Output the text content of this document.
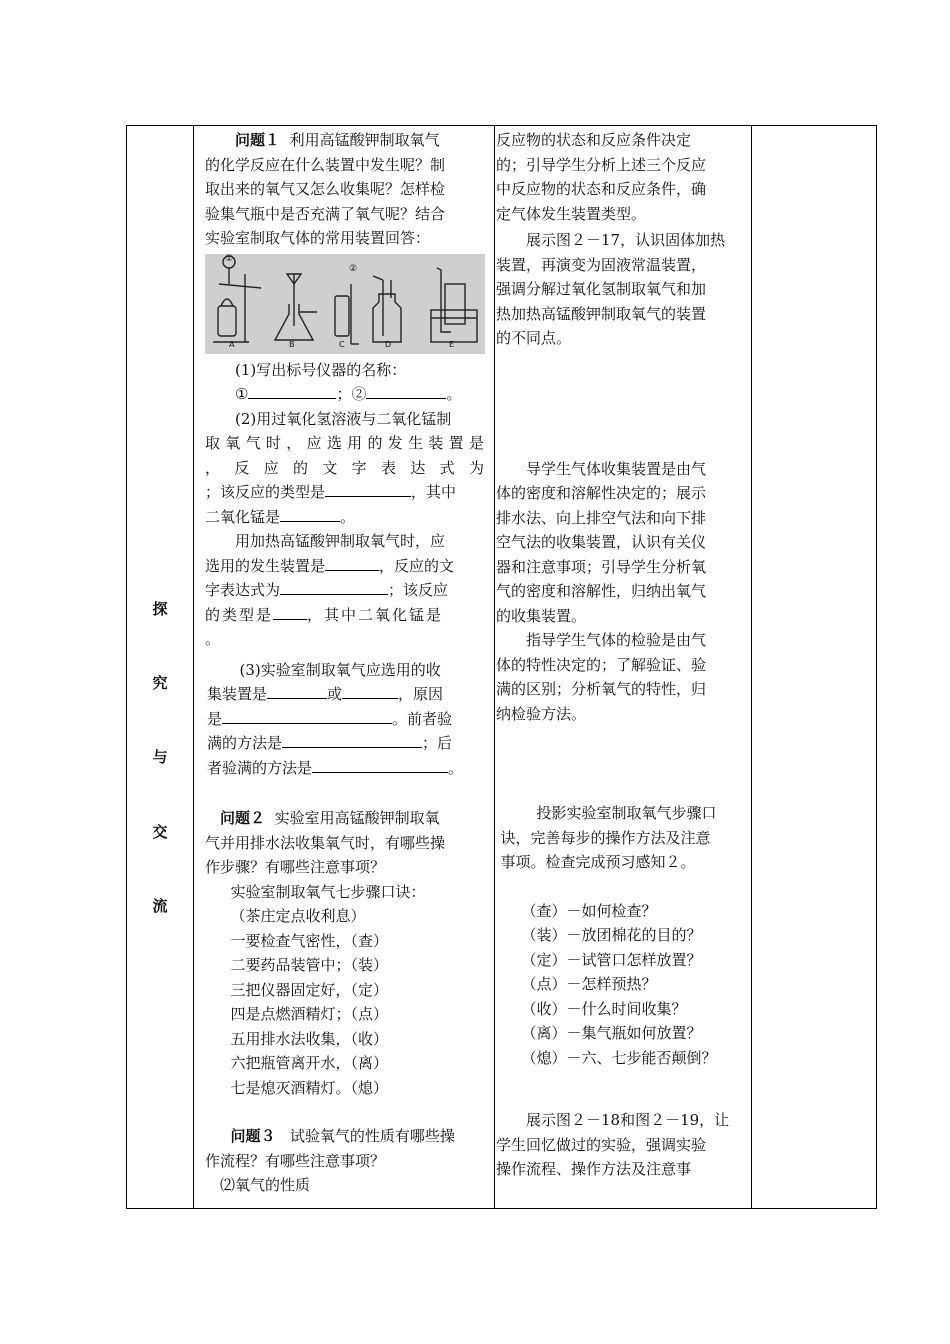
探
究
与
交
流

问题１ 利用高锰酸钾制取氧气

的化学反应在什么装置中发生呢？制

取出来的氧气又怎么收集呢？怎样检

验集气瓶中是否充满了氧气呢？结合

实验室制取气体的常用装置回答：

A	B	C	D	E
①
②

(1)写出标号仪器的名称：

①	；②	。

(2)用过氧化氢溶液与二氧化锰制

取氧气时，应选用的发生装置是

，反应的文字表达式为

；该反应的类型是	，其中

二氧化锰是	。

用加热高锰酸钾制取氧气时，应

选用的发生装置是	，反应的文

字表达式为	；该反应

的类型是 ，其中二氧化锰是

。

(3)实验室制取氧气应选用的收

集装置是	或	，原因

是	。前者验

满的方法是	；后

者验满的方法是	。

问题２ 实验室用高锰酸钾制取氧

气并用排水法收集氧气时，有哪些操

作步骤？有哪些注意事项？

实验室制取氧气七步骤口诀：

（茶庄定点收利息）

一要检查气密性，（查）

二要药品装管中；（装）

三把仪器固定好，（定）

四是点燃酒精灯；（点）

五用排水法收集，（收）

六把瓶管离开水，（离）

七是熄灭酒精灯。（熄）

问题３ 试验氧气的性质有哪些操

作流程？有哪些注意事项？

⑵氧气的性质

反应物的状态和反应条件决定

的；引导学生分析上述三个反应

中反应物的状态和反应条件，确

定气体发生装置类型。

展示图２－17，认识固体加热

装置，再演变为固液常温装置，

强调分解过氧化氢制取氧气和加

热加热高锰酸钾制取氧气的装置

的不同点。

导学生气体收集装置是由气

体的密度和溶解性决定的；展示

排水法、向上排空气法和向下排

空气法的收集装置，认识有关仪

器和注意事项；引导学生分析氧

气的密度和溶解性，归纳出氧气

的收集装置。

指导学生气体的检验是由气

体的特性决定的；了解验证、验

满的区别；分析氧气的特性，归

纳检验方法。

投影实验室制取氧气步骤口

诀，完善每步的操作方法及注意

事项。检查完成预习感知２。

（查）－如何检查？

（装）－放团棉花的目的？

（定）－试管口怎样放置？

（点）－怎样预热？

（收）－什么时间收集？

（离）－集气瓶如何放置？

（熄）－六、七步能否颠倒？

展示图２－18和图２－19，让

学生回忆做过的实验，强调实验

操作流程、操作方法及注意事
